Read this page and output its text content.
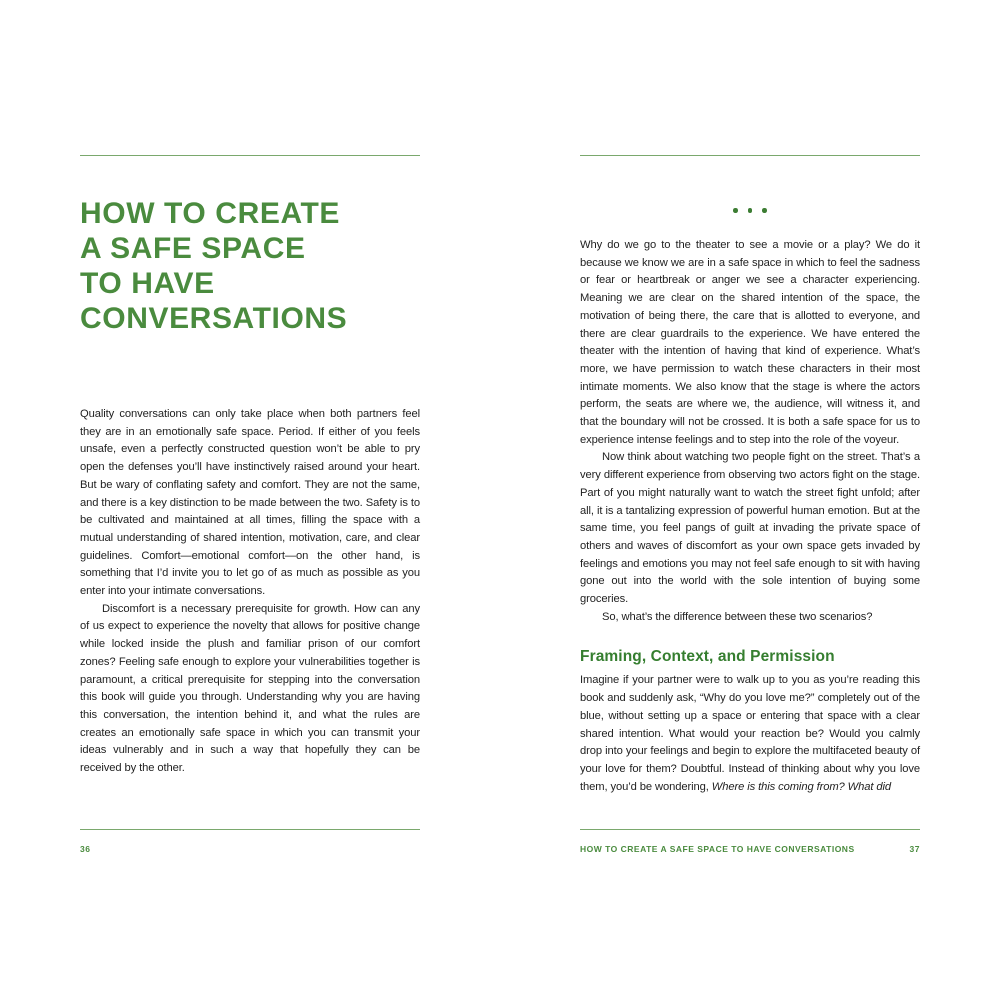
HOW TO CREATE
A SAFE SPACE
TO HAVE
CONVERSATIONS

Quality conversations can only take place when both partners feel they are in an emotionally safe space. Period. If either of you feels unsafe, even a perfectly constructed question won’t be able to pry open the defenses you’ll have instinctively raised around your heart. But be wary of conflating safety and comfort. They are not the same, and there is a key distinction to be made between the two. Safety is to be cultivated and maintained at all times, filling the space with a mutual understanding of shared intention, motivation, care, and clear guidelines. Comfort—emotional comfort—on the other hand, is something that I’d invite you to let go of as much as possible as you enter into your intimate conversations.

Discomfort is a necessary prerequisite for growth. How can any of us expect to experience the novelty that allows for positive change while locked inside the plush and familiar prison of our comfort zones? Feeling safe enough to explore your vulnerabilities together is paramount, a critical prerequisite for stepping into the conversation this book will guide you through. Understanding why you are having this conversation, the intention behind it, and what the rules are creates an emotionally safe space in which you can transmit your ideas vulnerably and in such a way that hopefully they can be received by the other.

36

Why do we go to the theater to see a movie or a play? We do it because we know we are in a safe space in which to feel the sadness or fear or heartbreak or anger we see a character experiencing. Meaning we are clear on the shared intention of the space, the motivation of being there, the care that is allotted to everyone, and there are clear guardrails to the experience. We have entered the theater with the intention of having that kind of experience. What’s more, we have permission to watch these characters in their most intimate moments. We also know that the stage is where the actors perform, the seats are where we, the audience, will witness it, and that the boundary will not be crossed. It is both a safe space for us to experience intense feelings and to step into the role of the voyeur.

Now think about watching two people fight on the street. That’s a very different experience from observing two actors fight on the stage. Part of you might naturally want to watch the street fight unfold; after all, it is a tantalizing expression of powerful human emotion. But at the same time, you feel pangs of guilt at invading the private space of others and waves of discomfort as your own space gets invaded by feelings and emotions you may not feel safe enough to sit with having gone out into the world with the sole intention of buying some groceries.

So, what’s the difference between these two scenarios?

Framing, Context, and Permission

Imagine if your partner were to walk up to you as you’re reading this book and suddenly ask, “Why do you love me?” completely out of the blue, without setting up a space or entering that space with a clear shared intention. What would your reaction be? Would you calmly drop into your feelings and begin to explore the multifaceted beauty of your love for them? Doubtful. Instead of thinking about why you love them, you’d be wondering, Where is this coming from? What did

HOW TO CREATE A SAFE SPACE TO HAVE CONVERSATIONS	37
